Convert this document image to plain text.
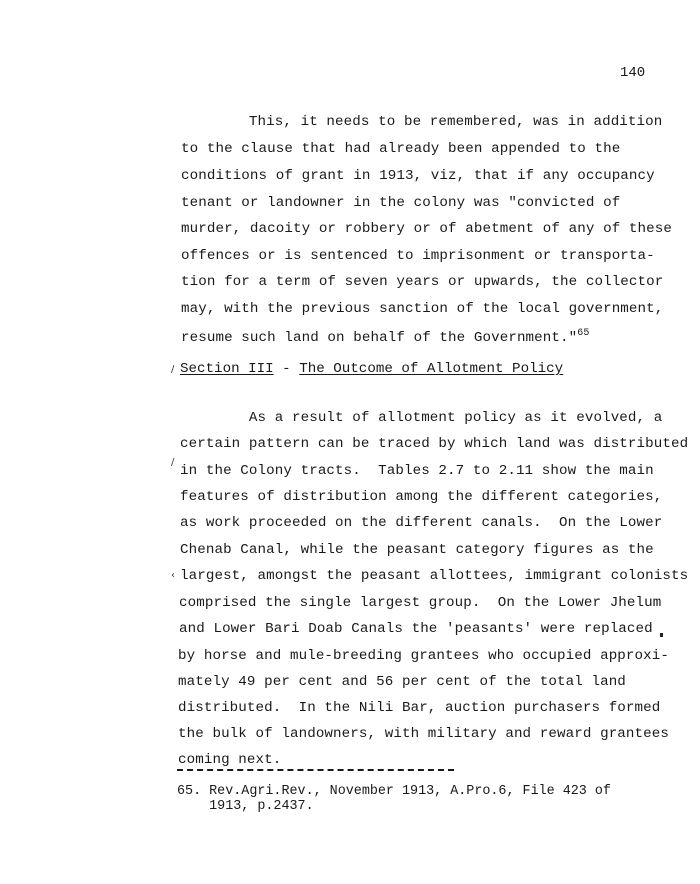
140
This, it needs to be remembered, was in addition
to the clause that had already been appended to the
conditions of grant in 1913, viz, that if any occupancy
tenant or landowner in the colony was "convicted of
murder, dacoity or robbery or of abetment of any of these
offences or is sentenced to imprisonment or transporta-
tion for a term of seven years or upwards, the collector
may, with the previous sanction of the local government,
resume such land on behalf of the Government."$^{65}$
/ Section III - The Outcome of Allotment Policy
As a result of allotment policy as it evolved, a
certain pattern can be traced by which land was distributed
/
in the Colony tracts.  Tables 2.7 to 2.11 show the main
features of distribution among the different categories,
as work proceeded on the different canals.  On the Lower
Chenab Canal, while the peasant category figures as the
‹ largest, amongst the peasant allottees, immigrant colonists
comprised the single largest group.  On the Lower Jhelum
and Lower Bari Doab Canals the 'peasants' were replaced
by horse and mule-breeding grantees who occupied approxi-
mately 49 per cent and 56 per cent of the total land
distributed.  In the Nili Bar, auction purchasers formed
the bulk of landowners, with military and reward grantees
coming next.
65. Rev.Agri.Rev., November 1913, A.Pro.6, File 423 of
1913, p.2437.
